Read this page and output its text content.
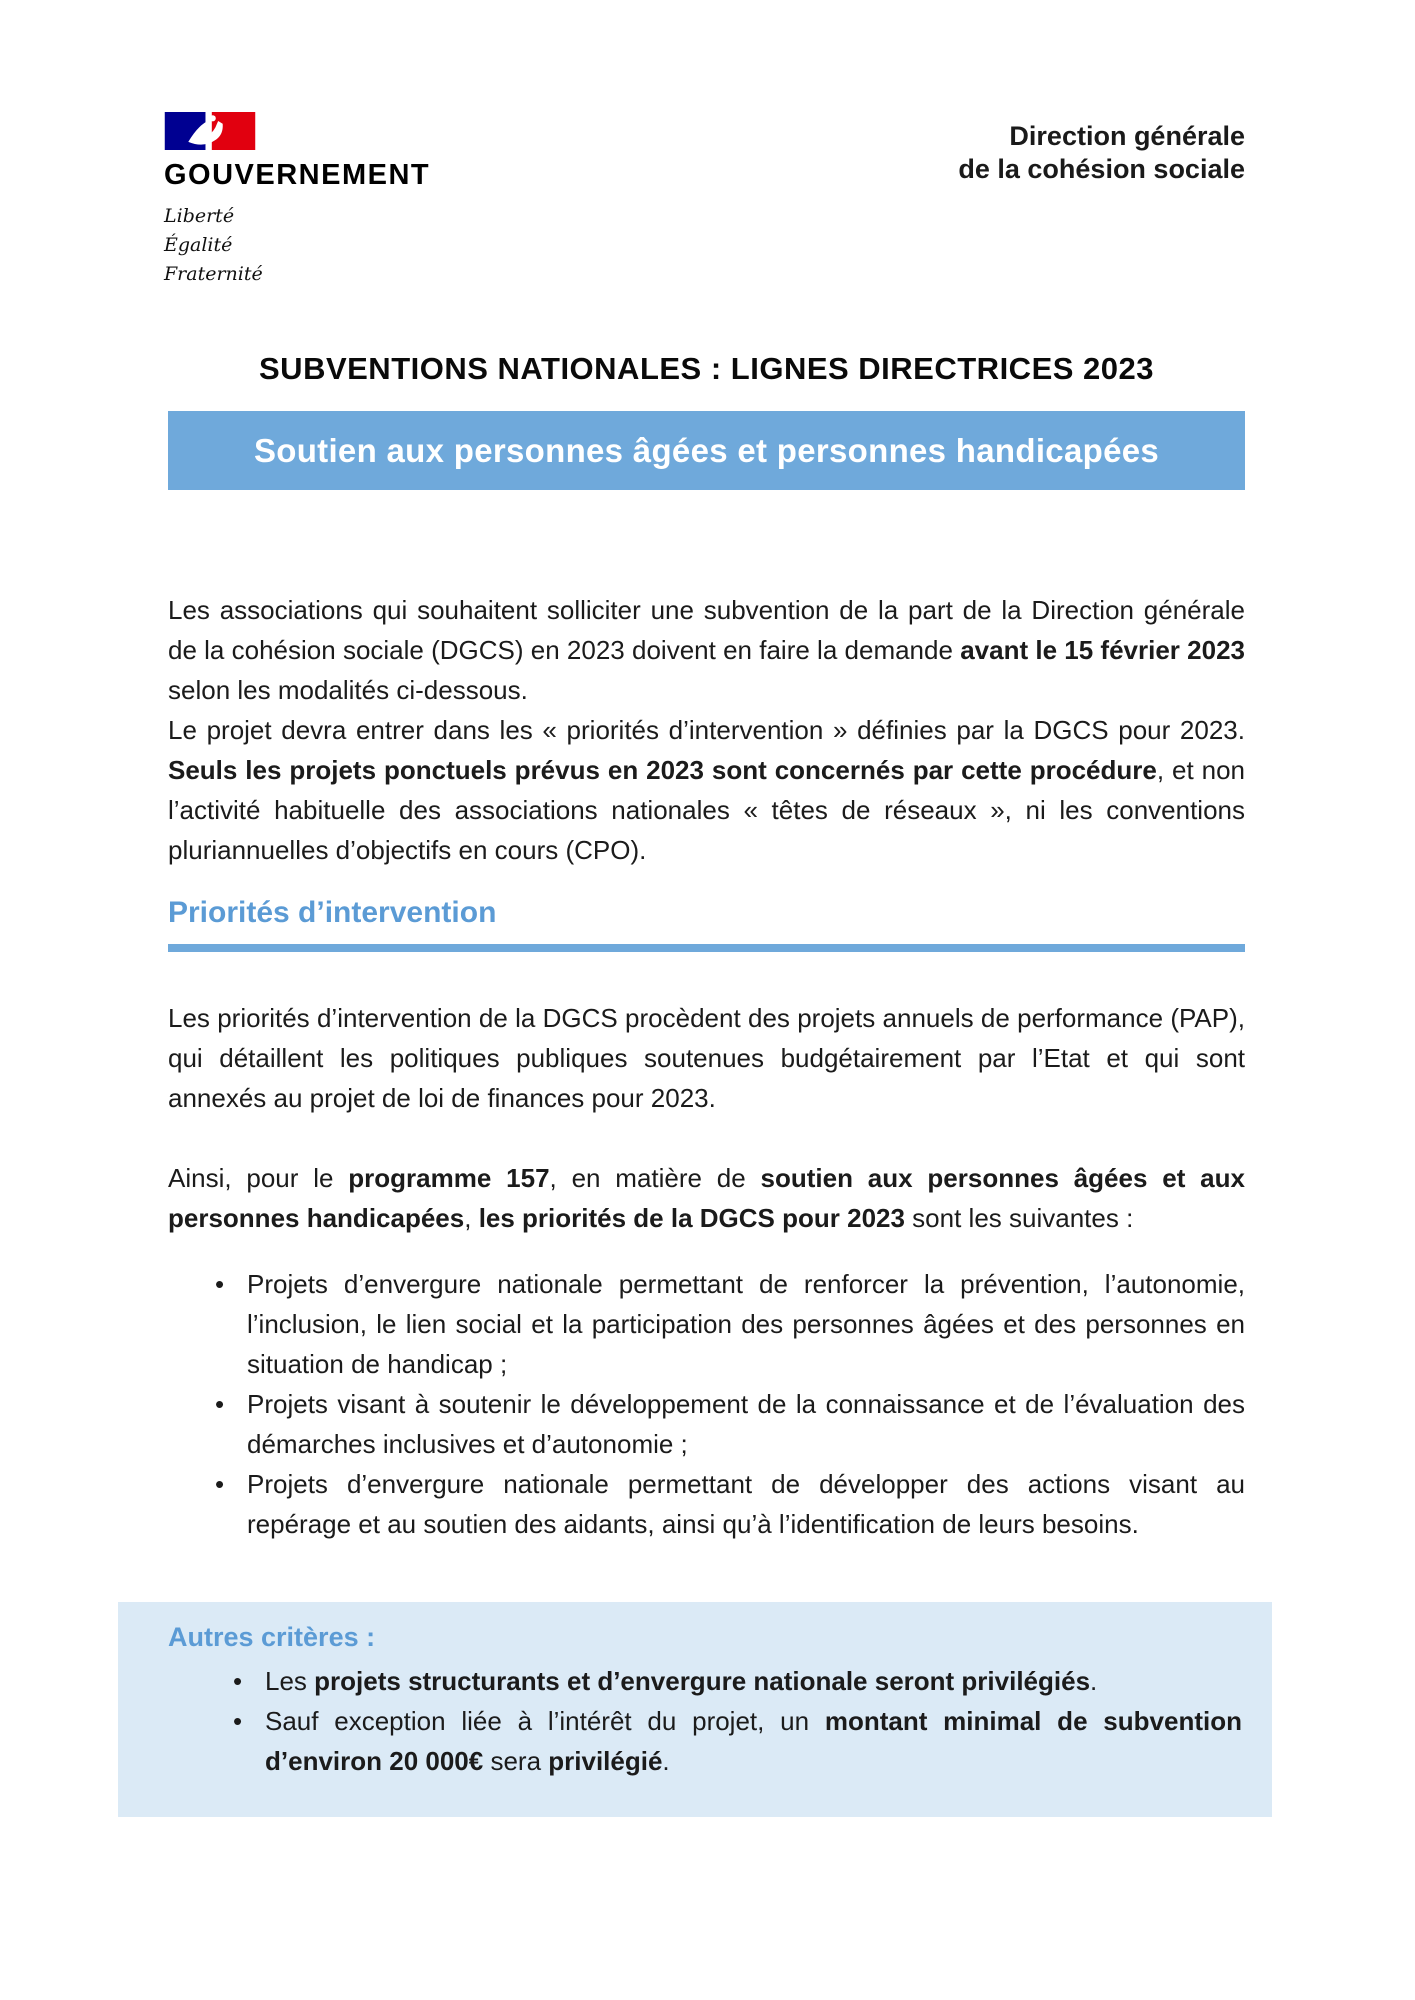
GOUVERNEMENT
Liberté
Égalité
Fraternité
Direction générale
de la cohésion sociale
SUBVENTIONS NATIONALES : LIGNES DIRECTRICES 2023
Soutien aux personnes âgées et personnes handicapées

Les associations qui souhaitent solliciter une subvention de la part de la Direction générale de la cohésion sociale (DGCS) en 2023 doivent en faire la demande avant le 15 février 2023 selon les modalités ci-dessous.

Le projet devra entrer dans les « priorités d’intervention » définies par la DGCS pour 2023. Seuls les projets ponctuels prévus en 2023 sont concernés par cette procédure, et non l’activité habituelle des associations nationales « têtes de réseaux », ni les conventions pluriannuelles d’objectifs en cours (CPO).

Priorités d’intervention

Les priorités d’intervention de la DGCS procèdent des projets annuels de performance (PAP), qui détaillent les politiques publiques soutenues budgétairement par l’Etat et qui sont annexés au projet de loi de finances pour 2023.

Ainsi, pour le programme 157, en matière de soutien aux personnes âgées et aux personnes handicapées, les priorités de la DGCS pour 2023 sont les suivantes :

• Projets d’envergure nationale permettant de renforcer la prévention, l’autonomie, l’inclusion, le lien social et la participation des personnes âgées et des personnes en situation de handicap ;
• Projets visant à soutenir le développement de la connaissance et de l’évaluation des démarches inclusives et d’autonomie ;
• Projets d’envergure nationale permettant de développer des actions visant au repérage et au soutien des aidants, ainsi qu’à l’identification de leurs besoins.
Autres critères :
• Les projets structurants et d’envergure nationale seront privilégiés.
• Sauf exception liée à l’intérêt du projet, un montant minimal de subvention d’environ 20 000€ sera privilégié.
